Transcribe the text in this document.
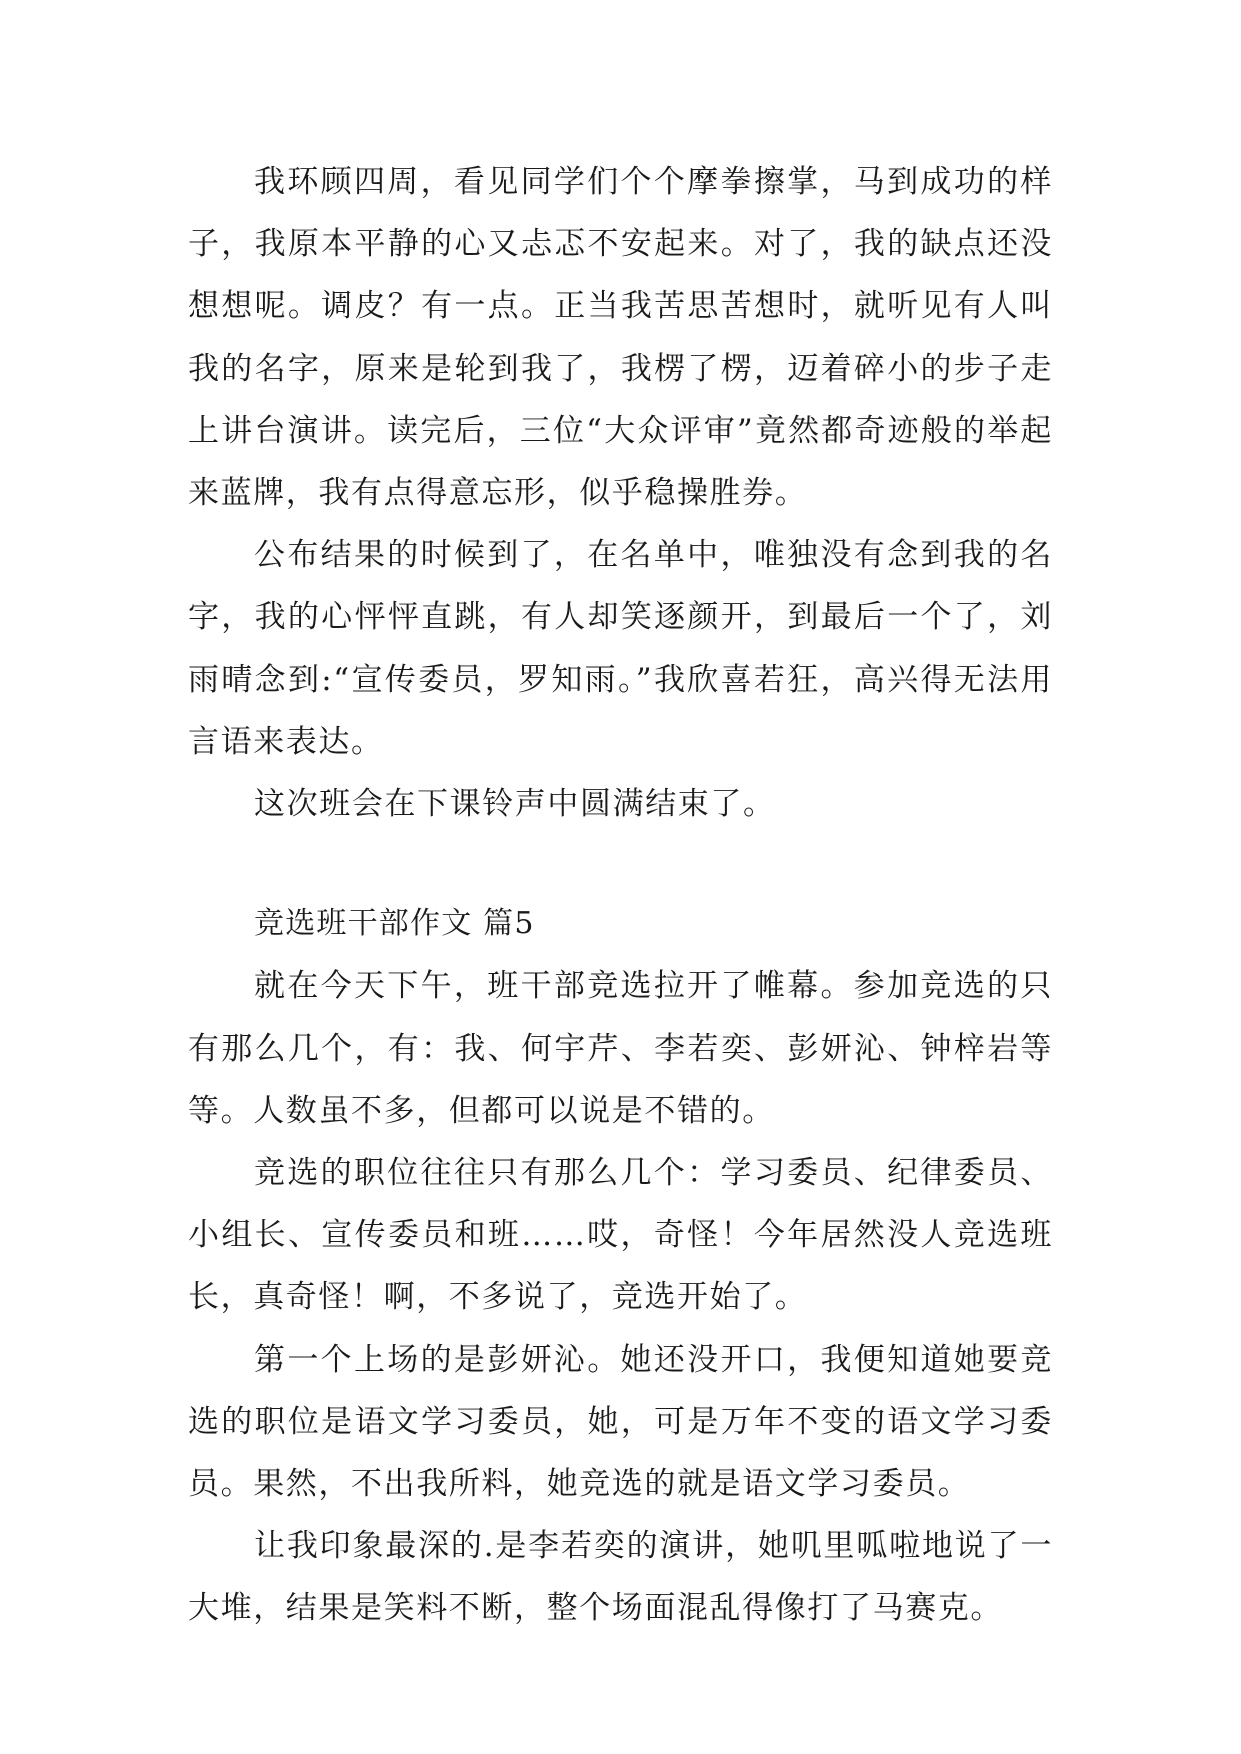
我环顾四周，看见同学们个个摩拳擦掌，马到成功的样子，我原本平静的心又忐忑不安起来。对了，我的缺点还没想想呢。调皮？有一点。正当我苦思苦想时，就听见有人叫我的名字，原来是轮到我了，我楞了楞，迈着碎小的步子走上讲台演讲。读完后，三位“大众评审”竟然都奇迹般的举起来蓝牌，我有点得意忘形，似乎稳操胜券。

公布结果的时候到了，在名单中，唯独没有念到我的名字，我的心怦怦直跳，有人却笑逐颜开，到最后一个了，刘雨晴念到:“宣传委员，罗知雨。”我欣喜若狂，高兴得无法用言语来表达。

这次班会在下课铃声中圆满结束了。

竞选班干部作文 篇5

就在今天下午，班干部竞选拉开了帷幕。参加竞选的只有那么几个，有：我、何宇芹、李若奕、彭妍沁、钟梓岩等等。人数虽不多，但都可以说是不错的。

竞选的职位往往只有那么几个：学习委员、纪律委员、小组长、宣传委员和班……哎，奇怪！今年居然没人竞选班长，真奇怪！啊，不多说了，竞选开始了。

第一个上场的是彭妍沁。她还没开口，我便知道她要竞选的职位是语文学习委员，她，可是万年不变的语文学习委员。果然，不出我所料，她竞选的就是语文学习委员。

让我印象最深的.是李若奕的演讲，她叽里呱啦地说了一大堆，结果是笑料不断，整个场面混乱得像打了马赛克。
